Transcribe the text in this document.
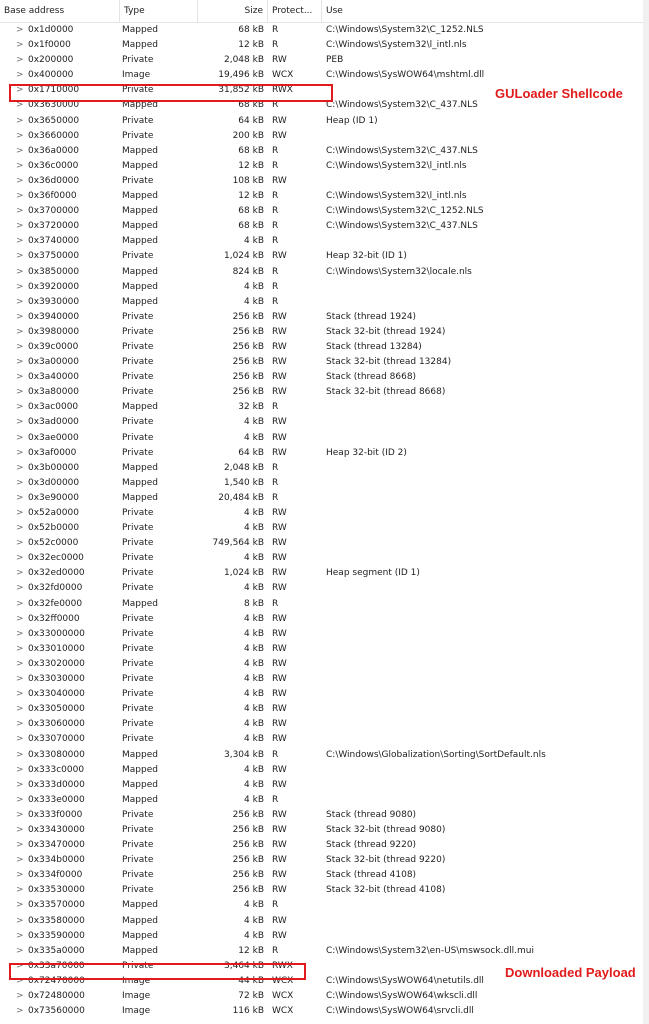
Base address	Type	Size	Protect...	Use
> 0x1d0000	Mapped	68 kB R	C:\Windows\System32\C_1252.NLS
> 0x1f0000	Mapped	12 kB R	C:\Windows\System32\l_intl.nls
> 0x200000	Private	2,048 kB RW	PEB
> 0x400000	Image	19,496 kB WCX	C:\Windows\SysWOW64\mshtml.dll
> 0x1710000	Private	31,852 kB RWX
> 0x3630000	Mapped	68 kB R	C:\Windows\System32\C_437.NLS
> 0x3650000	Private	64 kB RW	Heap (ID 1)
> 0x3660000	Private	200 kB RW
> 0x36a0000	Mapped	68 kB R	C:\Windows\System32\C_437.NLS
> 0x36c0000	Mapped	12 kB R	C:\Windows\System32\l_intl.nls
> 0x36d0000	Private	108 kB RW
> 0x36f0000	Mapped	12 kB R	C:\Windows\System32\l_intl.nls
> 0x3700000	Mapped	68 kB R	C:\Windows\System32\C_1252.NLS
> 0x3720000	Mapped	68 kB R	C:\Windows\System32\C_437.NLS
> 0x3740000	Mapped	4 kB R
> 0x3750000	Private	1,024 kB RW	Heap 32-bit (ID 1)
> 0x3850000	Mapped	824 kB R	C:\Windows\System32\locale.nls
> 0x3920000	Mapped	4 kB R
> 0x3930000	Mapped	4 kB R
> 0x3940000	Private	256 kB RW	Stack (thread 1924)
> 0x3980000	Private	256 kB RW	Stack 32-bit (thread 1924)
> 0x39c0000	Private	256 kB RW	Stack (thread 13284)
> 0x3a00000	Private	256 kB RW	Stack 32-bit (thread 13284)
> 0x3a40000	Private	256 kB RW	Stack (thread 8668)
> 0x3a80000	Private	256 kB RW	Stack 32-bit (thread 8668)
> 0x3ac0000	Mapped	32 kB R
> 0x3ad0000	Private	4 kB RW
> 0x3ae0000	Private	4 kB RW
> 0x3af0000	Private	64 kB RW	Heap 32-bit (ID 2)
> 0x3b00000	Mapped	2,048 kB R
> 0x3d00000	Mapped	1,540 kB R
> 0x3e90000	Mapped	20,484 kB R
> 0x52a0000	Private	4 kB RW
> 0x52b0000	Private	4 kB RW
> 0x52c0000	Private	749,564 kB RW
> 0x32ec0000	Private	4 kB RW
> 0x32ed0000	Private	1,024 kB RW	Heap segment (ID 1)
> 0x32fd0000	Private	4 kB RW
> 0x32fe0000	Mapped	8 kB R
> 0x32ff0000	Private	4 kB RW
> 0x33000000	Private	4 kB RW
> 0x33010000	Private	4 kB RW
> 0x33020000	Private	4 kB RW
> 0x33030000	Private	4 kB RW
> 0x33040000	Private	4 kB RW
> 0x33050000	Private	4 kB RW
> 0x33060000	Private	4 kB RW
> 0x33070000	Private	4 kB RW
> 0x33080000	Mapped	3,304 kB R	C:\Windows\Globalization\Sorting\SortDefault.nls
> 0x333c0000	Mapped	4 kB RW
> 0x333d0000	Mapped	4 kB RW
> 0x333e0000	Mapped	4 kB R
> 0x333f0000	Private	256 kB RW	Stack (thread 9080)
> 0x33430000	Private	256 kB RW	Stack 32-bit (thread 9080)
> 0x33470000	Private	256 kB RW	Stack (thread 9220)
> 0x334b0000	Private	256 kB RW	Stack 32-bit (thread 9220)
> 0x334f0000	Private	256 kB RW	Stack (thread 4108)
> 0x33530000	Private	256 kB RW	Stack 32-bit (thread 4108)
> 0x33570000	Mapped	4 kB R
> 0x33580000	Mapped	4 kB RW
> 0x33590000	Mapped	4 kB RW
> 0x335a0000	Mapped	12 kB R	C:\Windows\System32\en-US\mswsock.dll.mui
> 0x33a70000	Private	3,464 kB RWX
> 0x72470000	Image	44 kB WCX	C:\Windows\SysWOW64\netutils.dll
> 0x72480000	Image	72 kB WCX	C:\Windows\SysWOW64\wkscli.dll
> 0x73560000	Image	116 kB WCX	C:\Windows\SysWOW64\srvcli.dll
GULoader Shellcode
Downloaded Payload
